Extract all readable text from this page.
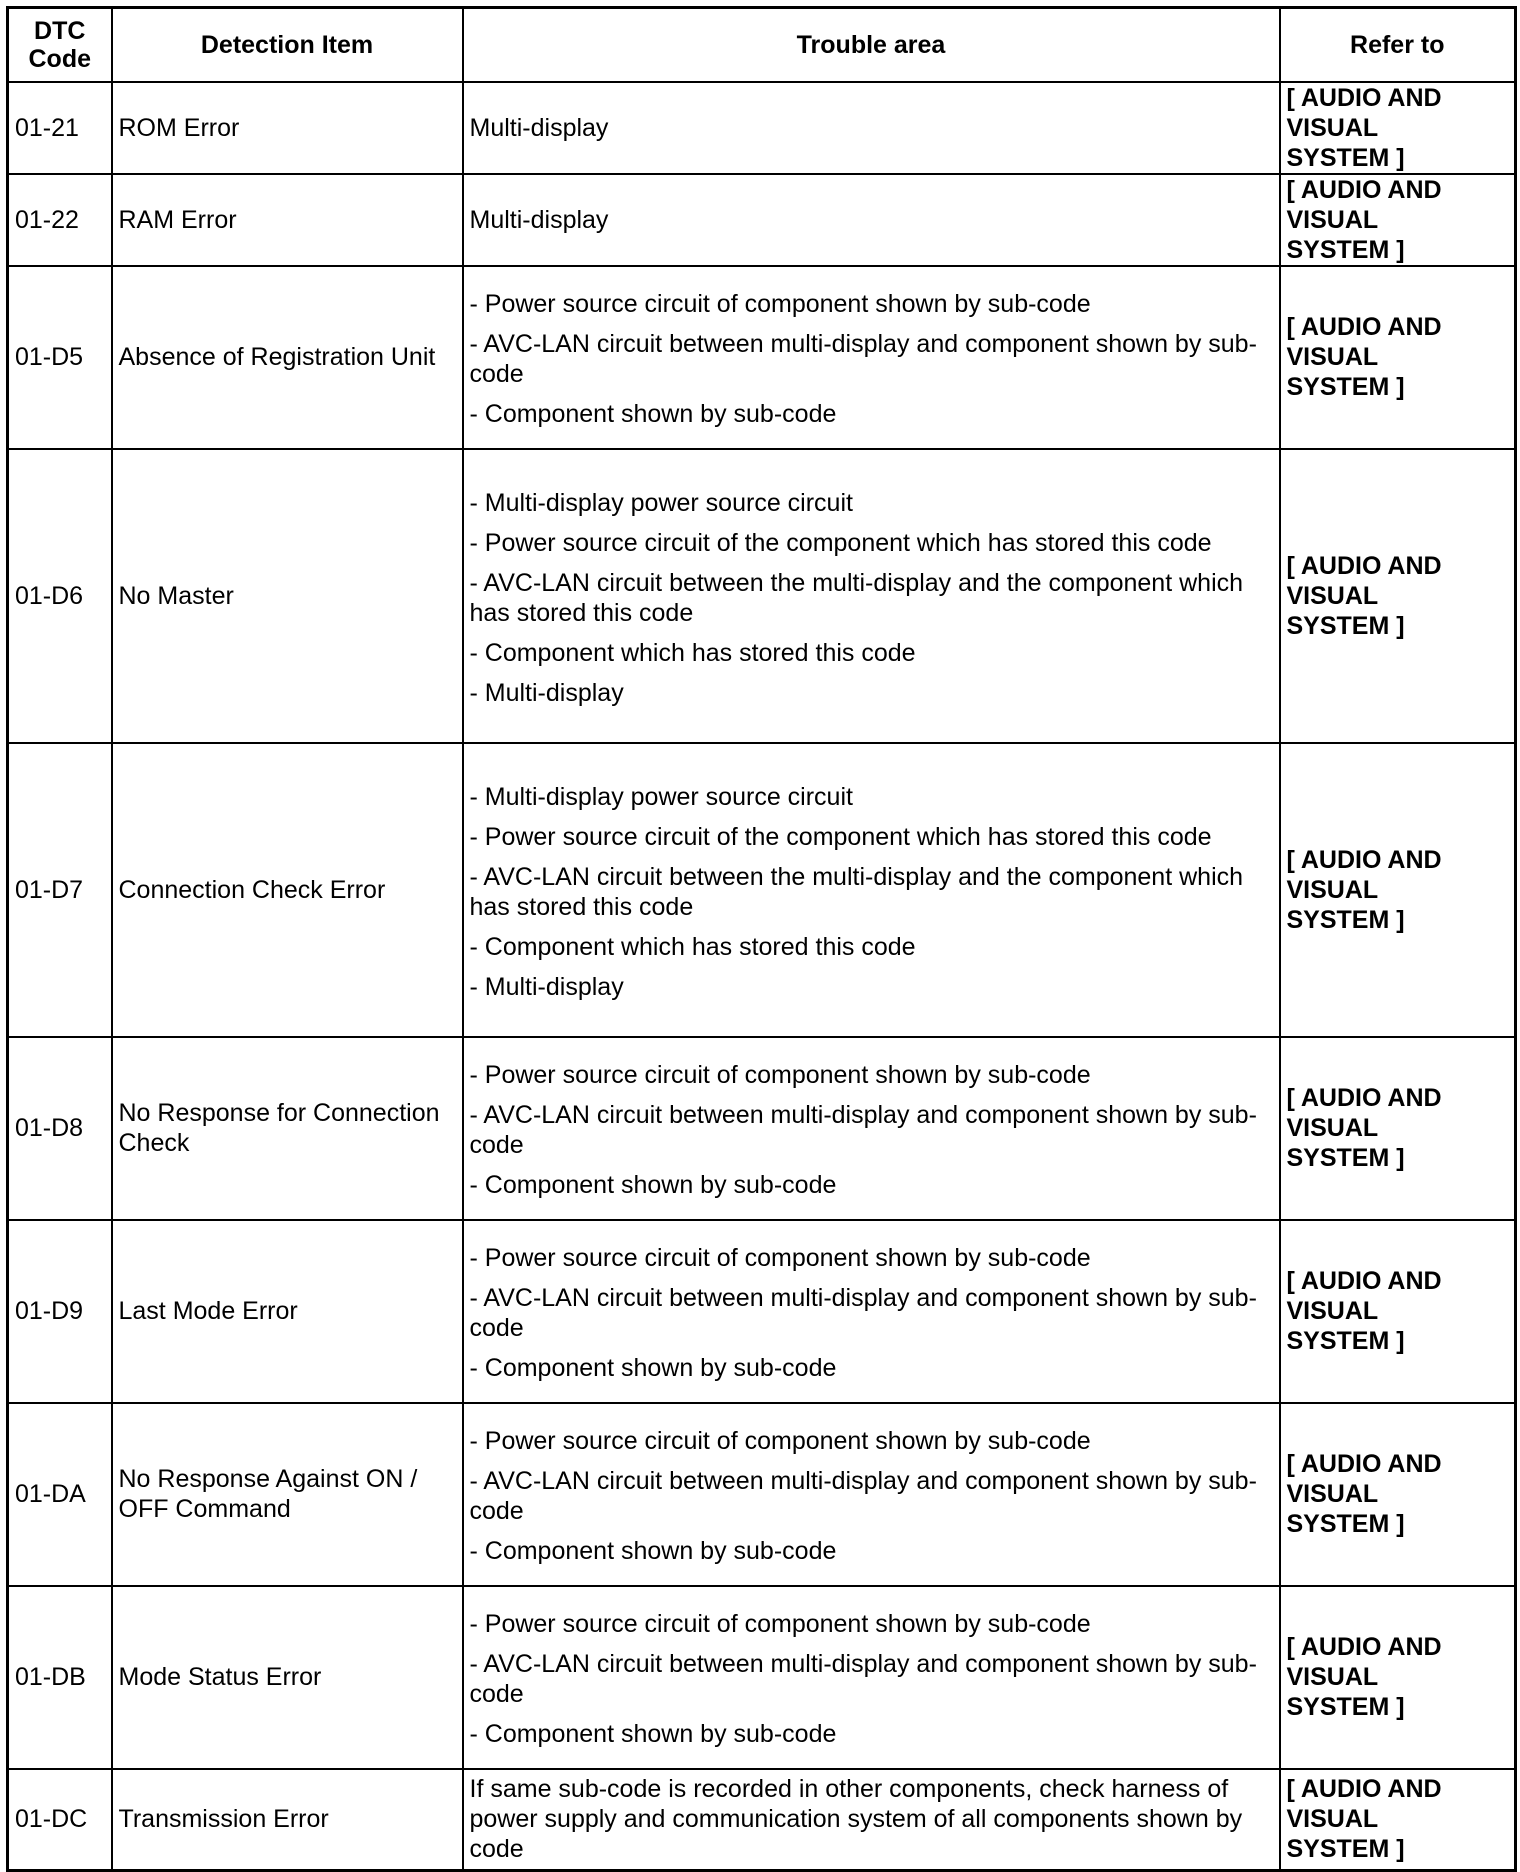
DTC Code	Detection Item	Trouble area	Refer to
01-21	ROM Error	Multi-display	[ AUDIO AND VISUAL SYSTEM ]

01-22	RAM Error	Multi-display	[ AUDIO AND VISUAL SYSTEM ]

01-D5	Absence of Registration Unit	- Power source circuit of component shown by sub-code
- AVC-LAN circuit between multi-display and component shown by sub-code
- Component shown by sub-code	[ AUDIO AND VISUAL SYSTEM ]

01-D6	No Master	- Multi-display power source circuit
- Power source circuit of the component which has stored this code
- AVC-LAN circuit between the multi-display and the component which has stored this code
- Component which has stored this code
- Multi-display	[ AUDIO AND VISUAL SYSTEM ]

01-D7	Connection Check Error	- Multi-display power source circuit
- Power source circuit of the component which has stored this code
- AVC-LAN circuit between the multi-display and the component which has stored this code
- Component which has stored this code
- Multi-display	[ AUDIO AND VISUAL SYSTEM ]

01-D8	No Response for Connection Check	- Power source circuit of component shown by sub-code
- AVC-LAN circuit between multi-display and component shown by sub-code
- Component shown by sub-code	[ AUDIO AND VISUAL SYSTEM ]

01-D9	Last Mode Error	- Power source circuit of component shown by sub-code
- AVC-LAN circuit between multi-display and component shown by sub-code
- Component shown by sub-code	[ AUDIO AND VISUAL SYSTEM ]

01-DA	No Response Against ON / OFF Command	- Power source circuit of component shown by sub-code
- AVC-LAN circuit between multi-display and component shown by sub-code
- Component shown by sub-code	[ AUDIO AND VISUAL SYSTEM ]

01-DB	Mode Status Error	- Power source circuit of component shown by sub-code
- AVC-LAN circuit between multi-display and component shown by sub-code
- Component shown by sub-code	[ AUDIO AND VISUAL SYSTEM ]

01-DC	Transmission Error	If same sub-code is recorded in other components, check harness of power supply and communication system of all components shown by code	[ AUDIO AND VISUAL SYSTEM ]
